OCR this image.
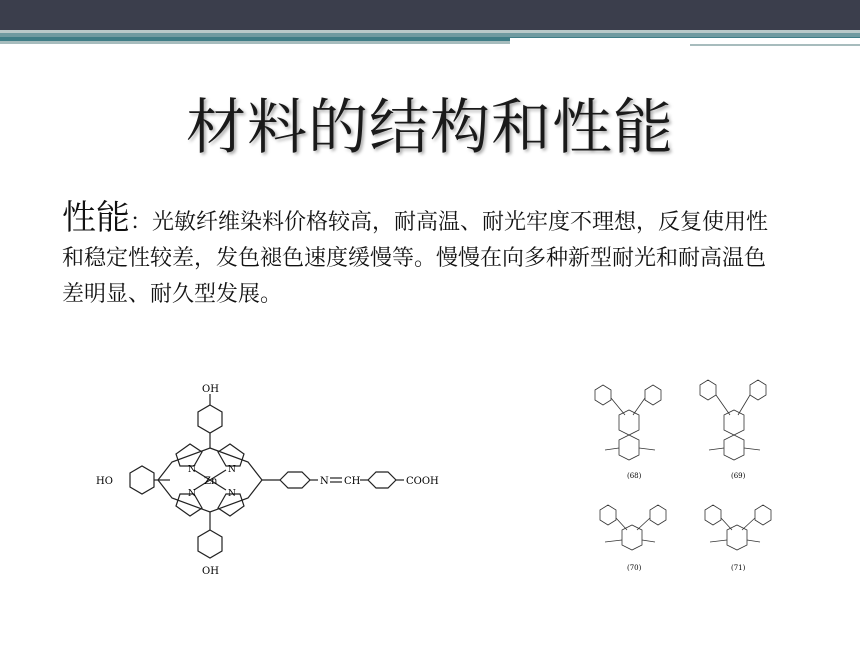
材料的结构和性能
性能：光敏纤维染料价格较高，耐高温、耐光牢度不理想，反复使用性和稳定性较差，发色褪色速度缓慢等。慢慢在向多种新型耐光和耐高温色差明显、耐久型发展。
OH
OH
HO	Zn
N	N
N	N
N CH	COOH	(68)	(69)
(70)	(71)
